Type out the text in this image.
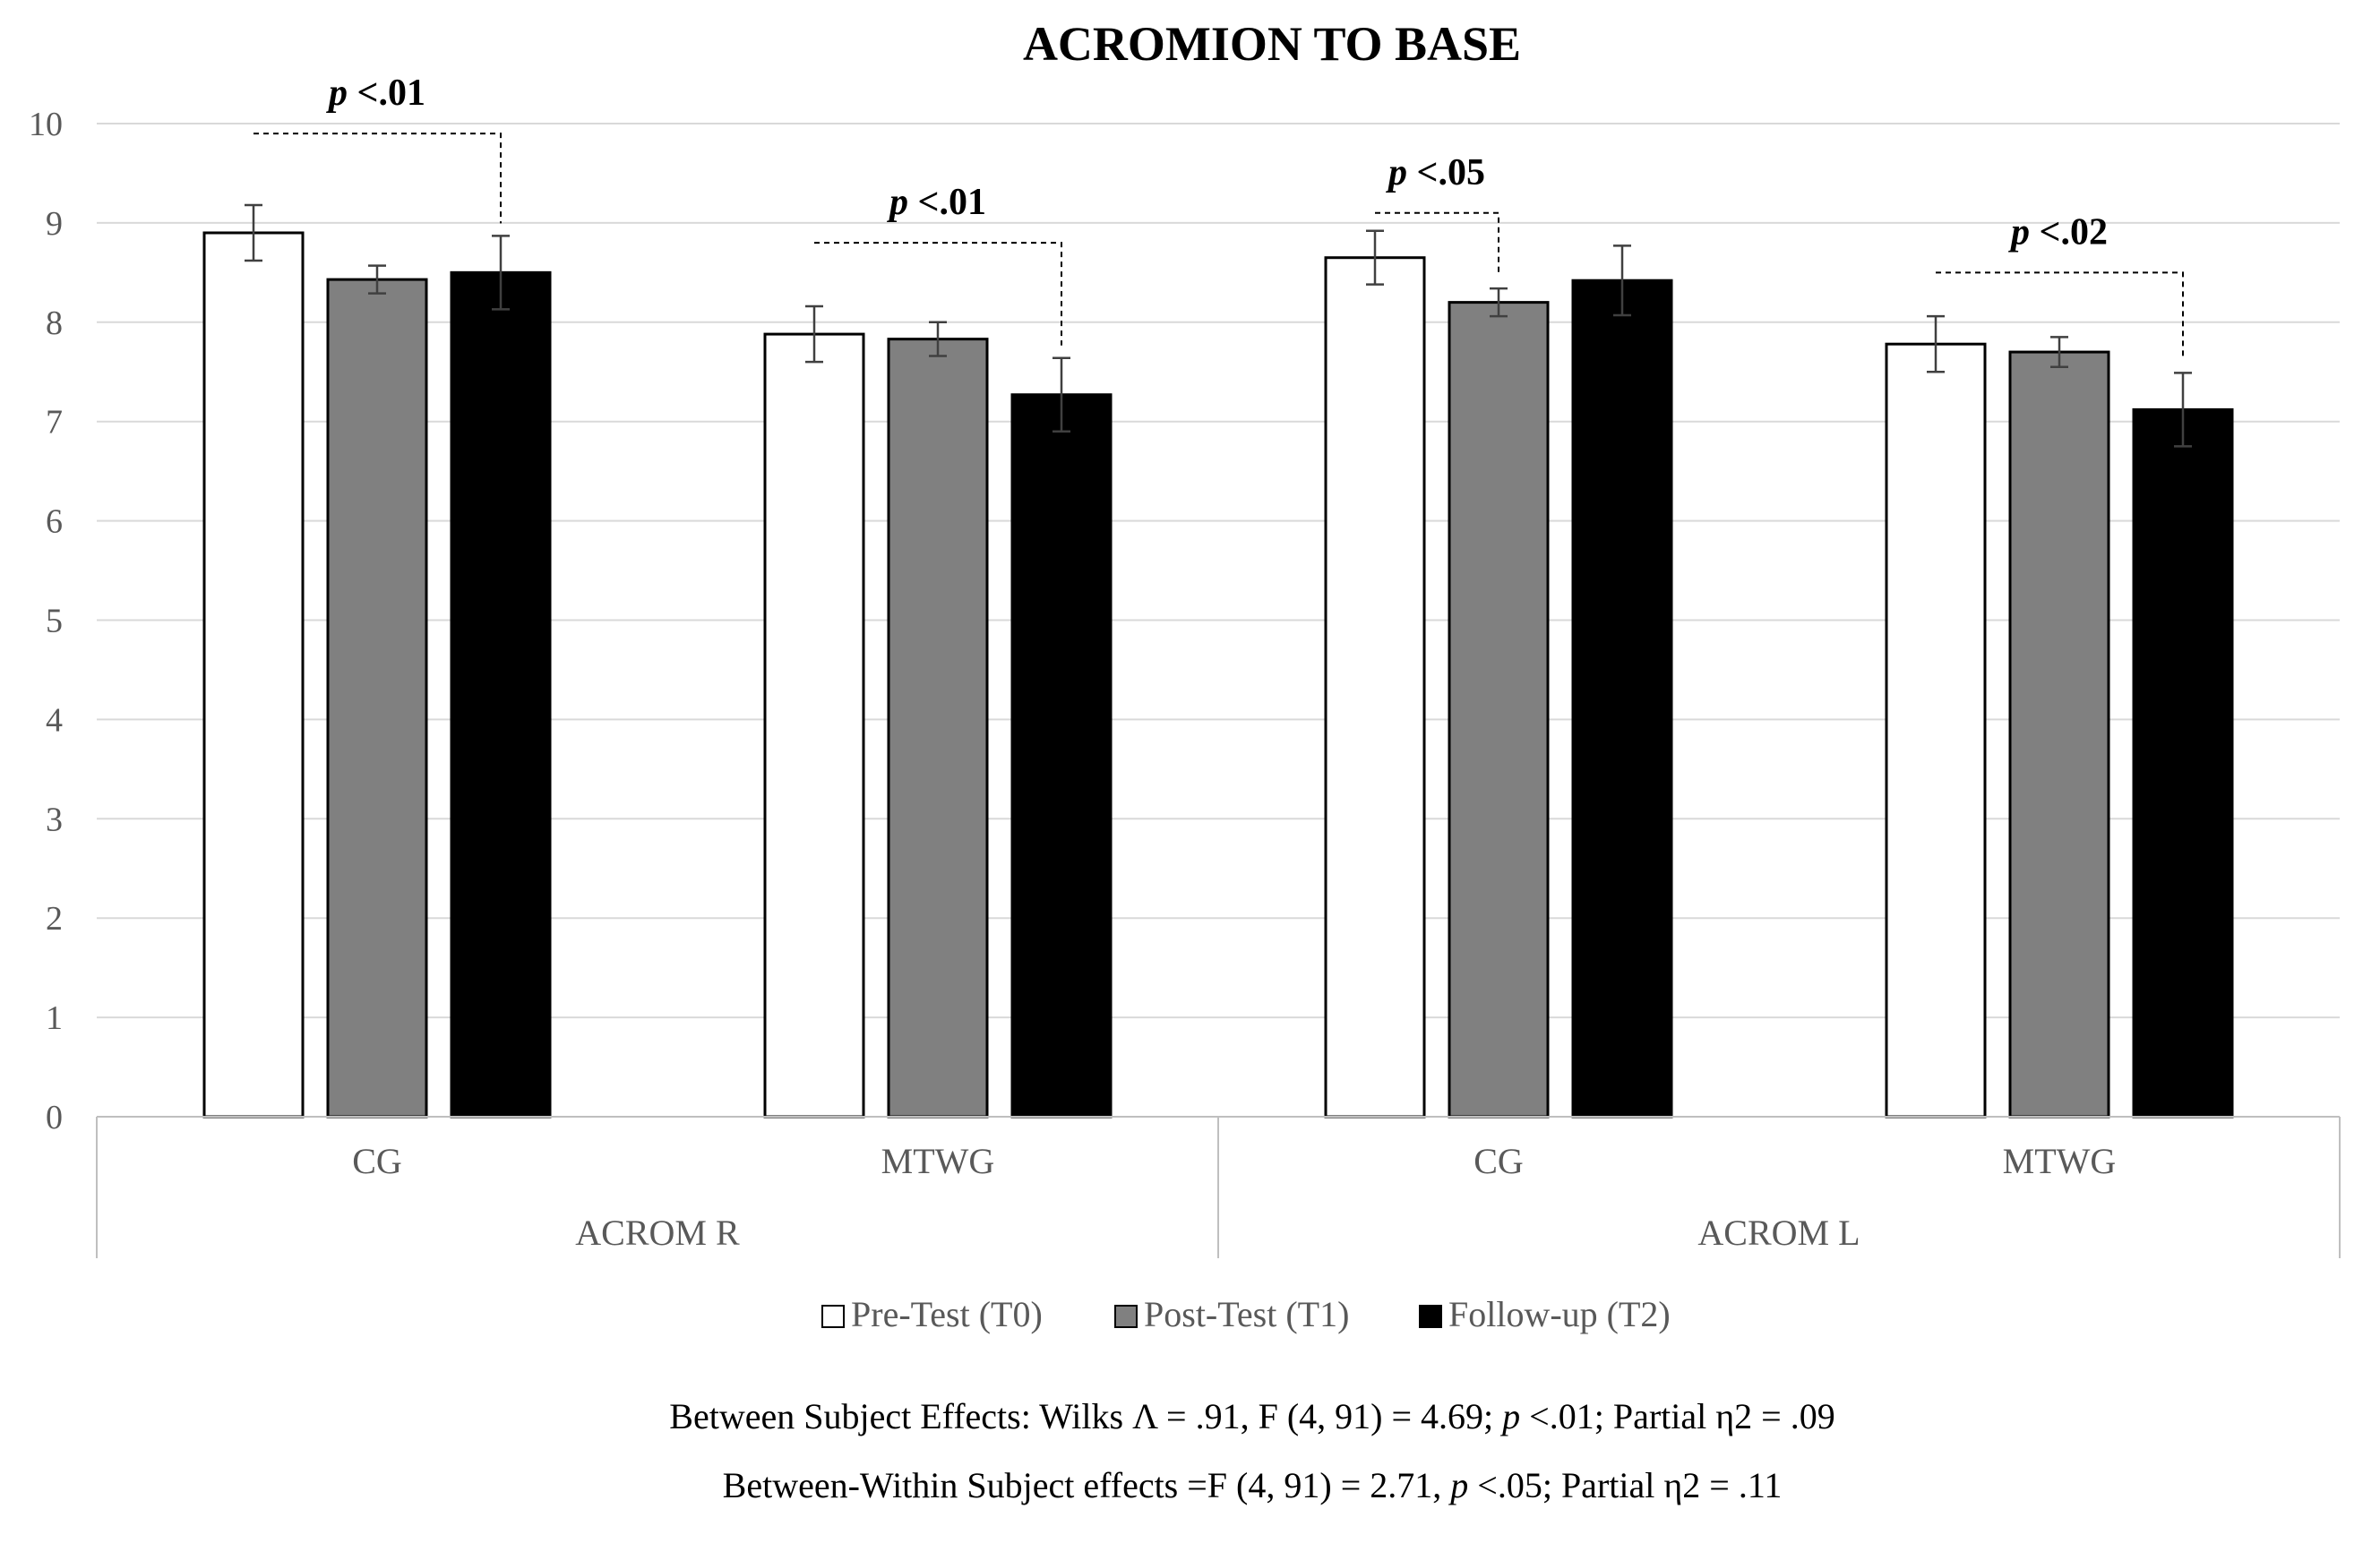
ACROMION TO BASE
0
1
2
3
4
5
6
7
8
9
10
p <.01
p <.01
p <.05
p <.02
CG	MTWG	CG	MTWG
ACROM R	ACROM L
Pre-Test (T0)	Post-Test (T1)	Follow-up (T2)
Between Subject Effects: Wilks Λ = .91, F (4, 91) = 4.69; p <.01; Partial η2 = .09
Between-Within Subject effects =F (4, 91) = 2.71, p <.05; Partial η2 = .11
